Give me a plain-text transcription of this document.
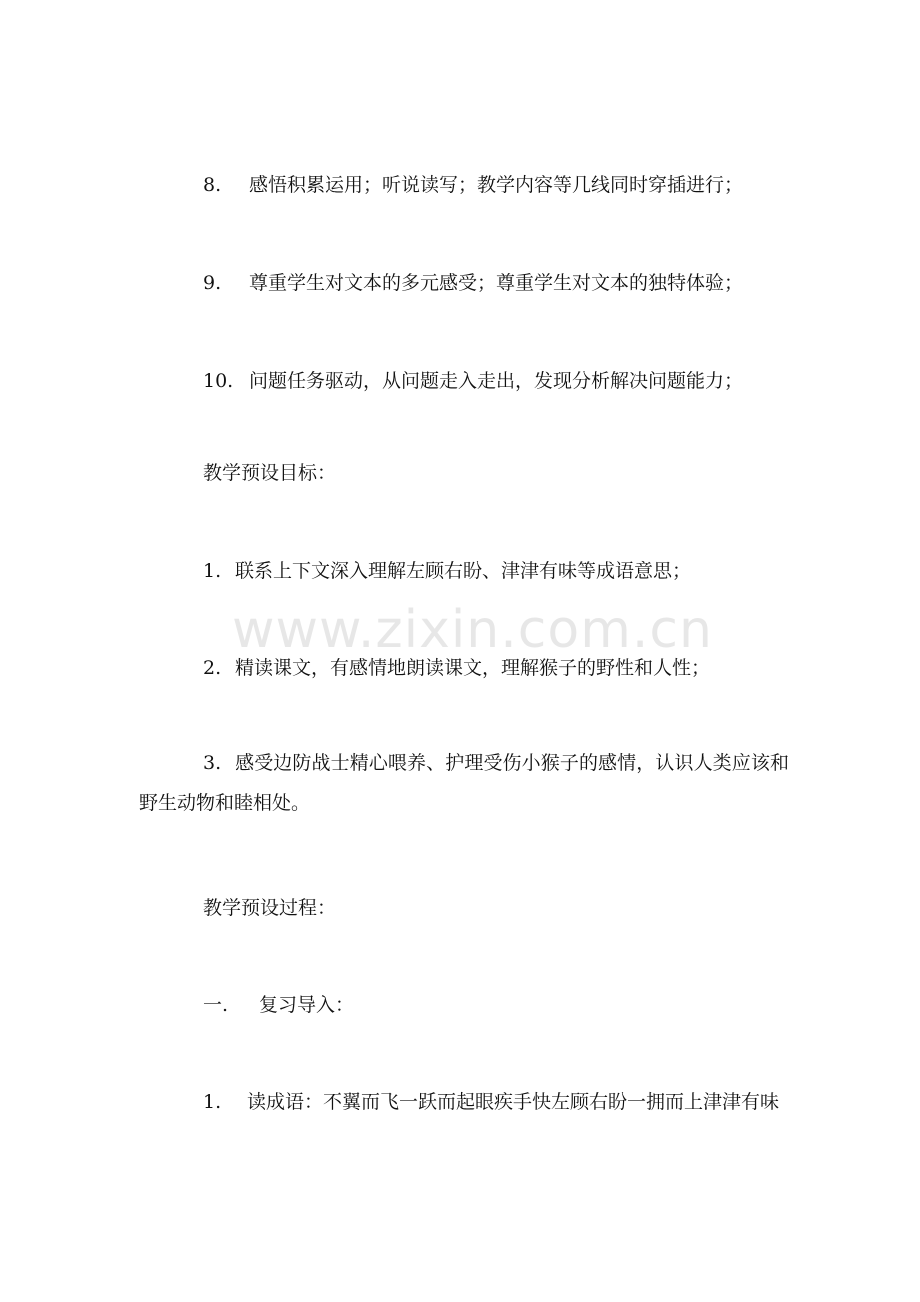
www.zixin.com.cn
8. 感悟积累运用；听说读写；教学内容等几线同时穿插进行；
9. 尊重学生对文本的多元感受；尊重学生对文本的独特体验；
10. 问题任务驱动，从问题走入走出，发现分析解决问题能力；
教学预设目标：
1. 联系上下文深入理解左顾右盼、津津有味等成语意思；
2. 精读课文，有感情地朗读课文，理解猴子的野性和人性；
3. 感受边防战士精心喂养、护理受伤小猴子的感情，认识人类应该和野生动物和睦相处。
教学预设过程：
一. 复习导入：
1. 读成语：不翼而飞一跃而起眼疾手快左顾右盼一拥而上津津有味
